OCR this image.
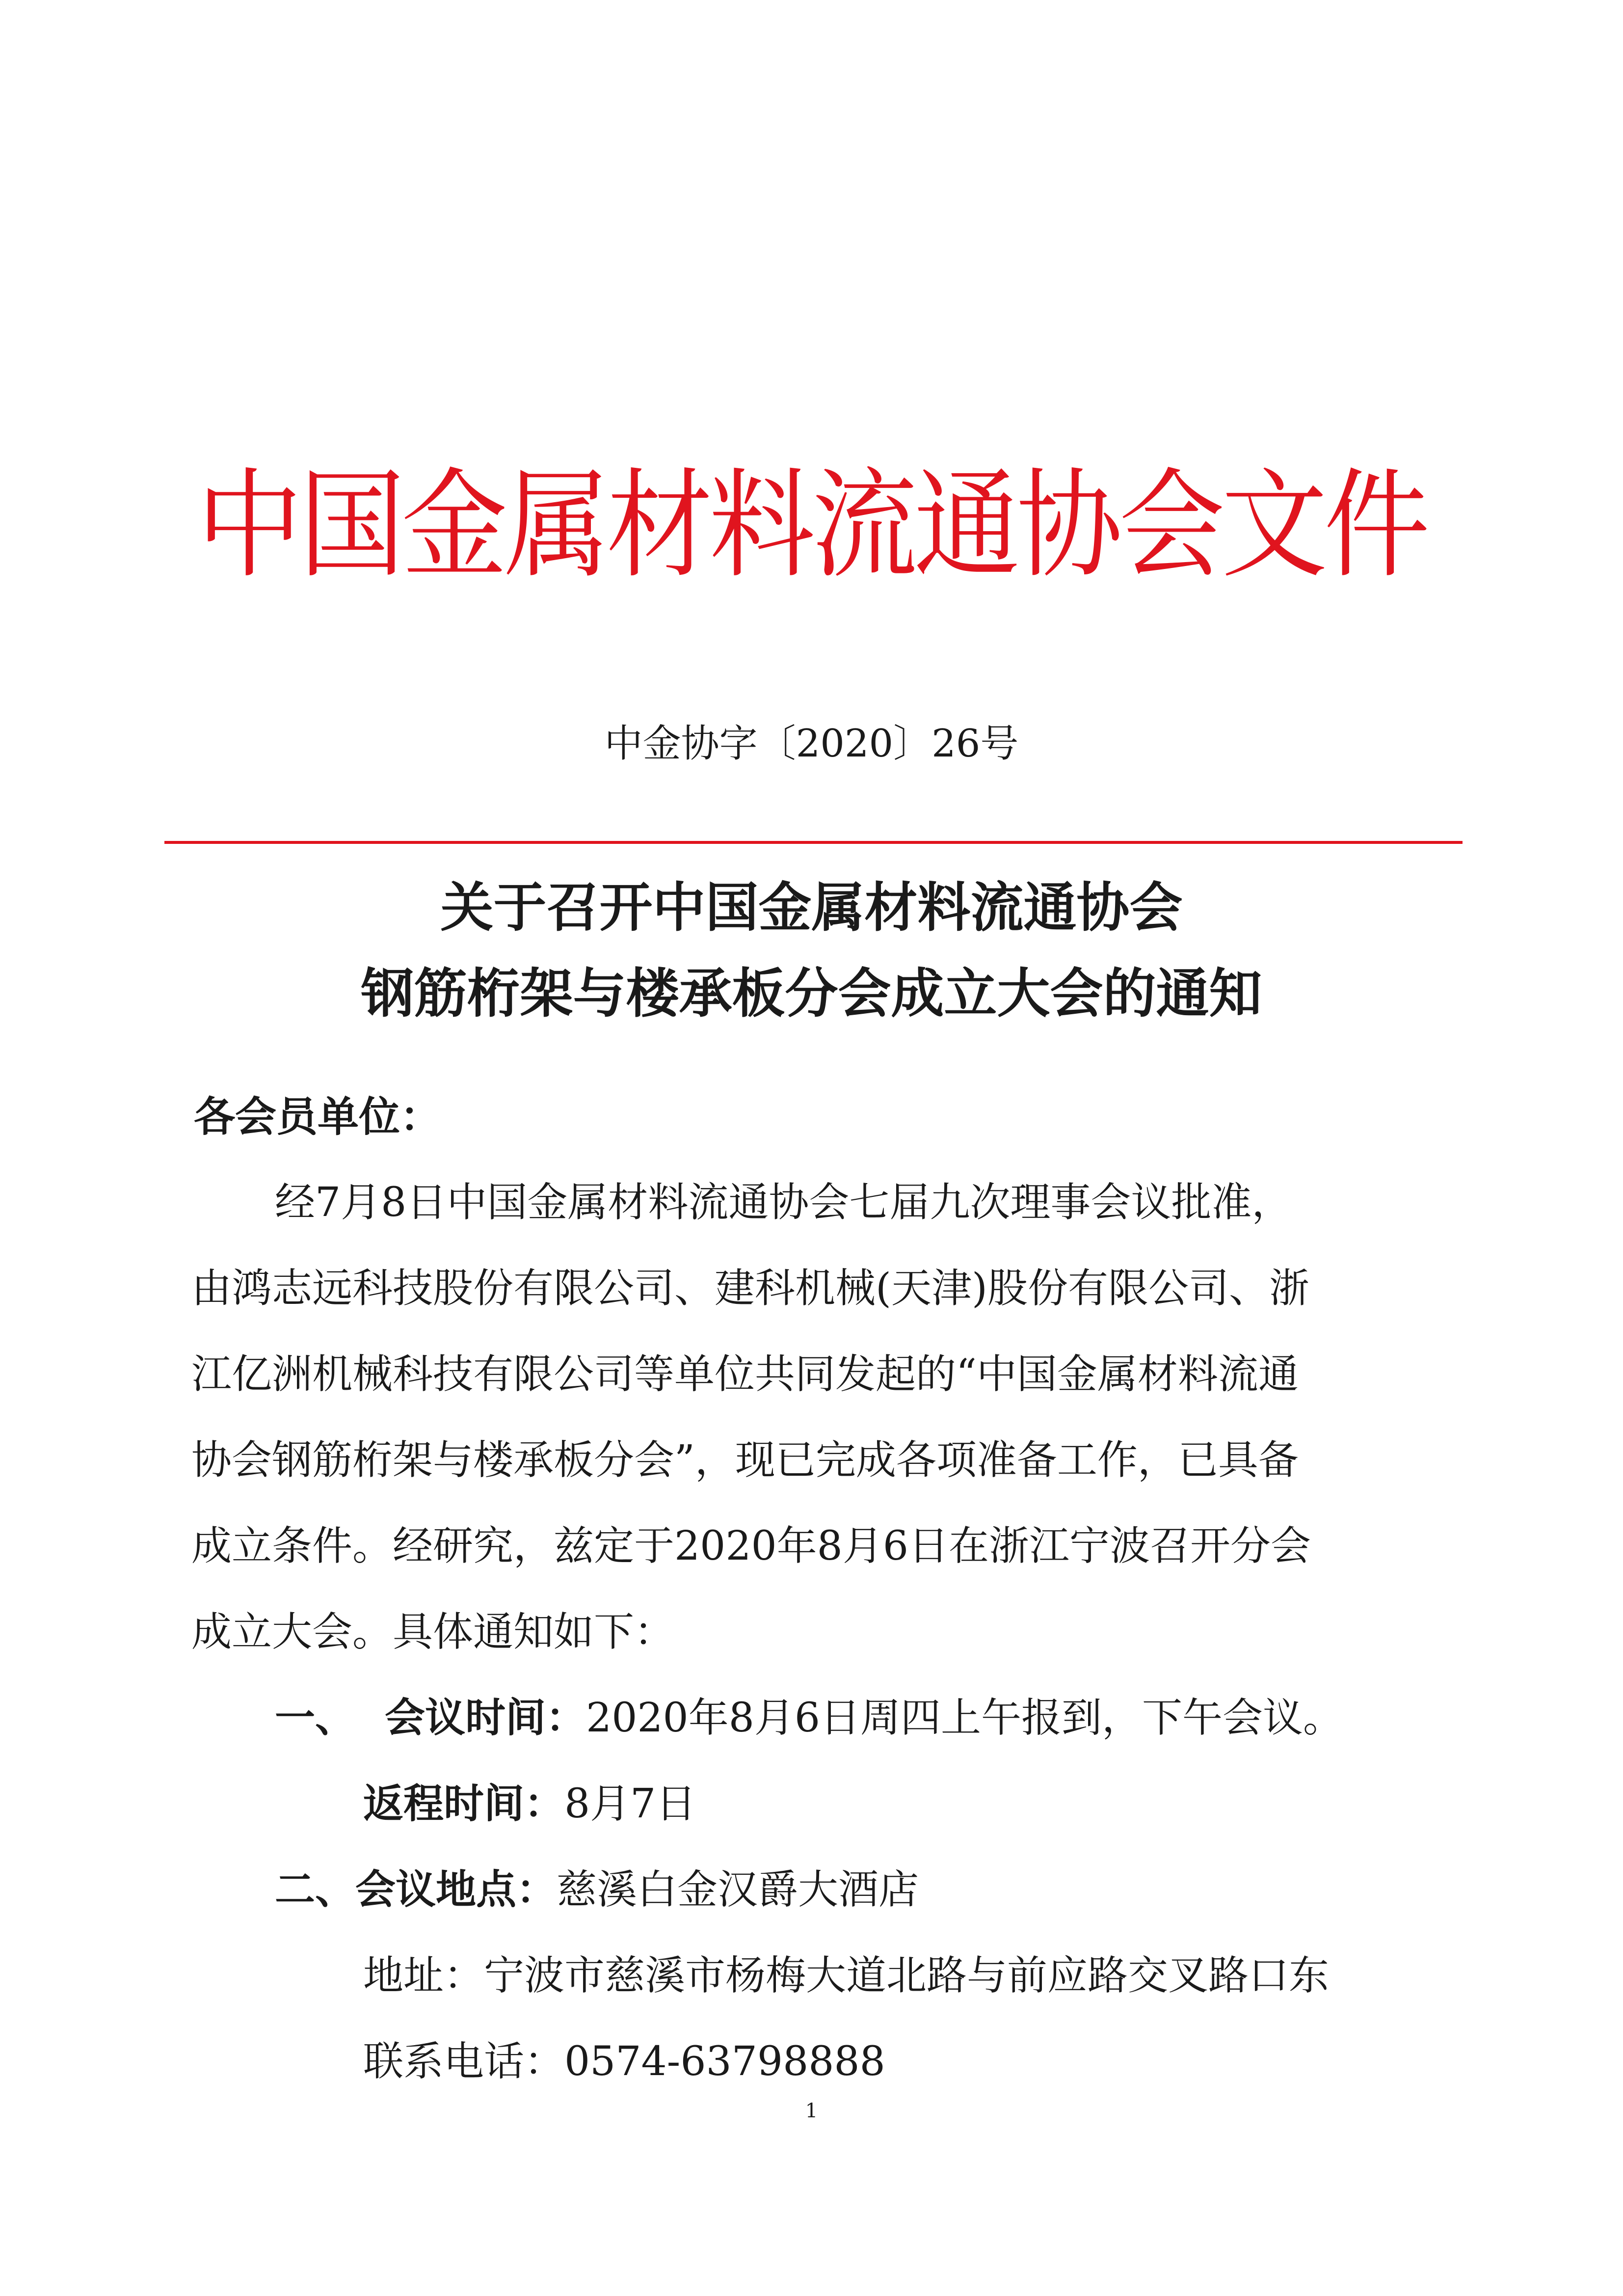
中国金属材料流通协会文件
中金协字〔2020〕26号
关于召开中国金属材料流通协会
钢筋桁架与楼承板分会成立大会的通知
各会员单位：
经7月8日中国金属材料流通协会七届九次理事会议批准，
由鸿志远科技股份有限公司、建科机械(天津)股份有限公司、浙
江亿洲机械科技有限公司等单位共同发起的“中国金属材料流通
协会钢筋桁架与楼承板分会”，现已完成各项准备工作，已具备
成立条件。经研究，兹定于2020年8月6日在浙江宁波召开分会
成立大会。具体通知如下：
一、 会议时间：2020年8月6日周四上午报到，下午会议。
返程时间：8月7日
二、会议地点：慈溪白金汉爵大酒店
地址：宁波市慈溪市杨梅大道北路与前应路交叉路口东
联系电话：0574-63798888
1
